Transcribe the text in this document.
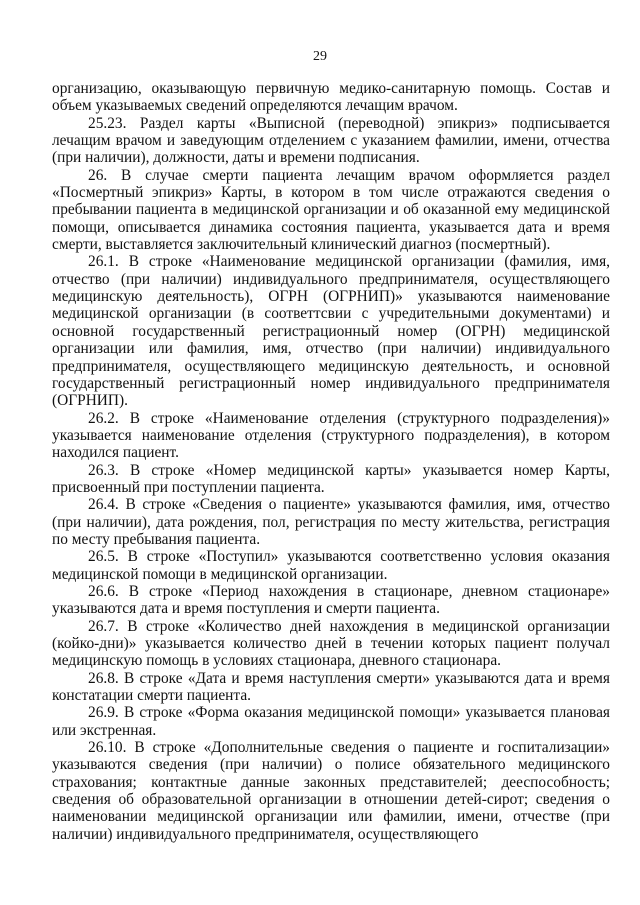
29

организацию, оказывающую первичную медико-санитарную помощь. Состав и объем указываемых сведений определяются лечащим врачом.

25.23. Раздел карты «Выписной (переводной) эпикриз» подписывается лечащим врачом и заведующим отделением с указанием фамилии, имени, отчества (при наличии), должности, даты и времени подписания.

26. В случае смерти пациента лечащим врачом оформляется раздел «Посмертный эпикриз» Карты, в котором в том числе отражаются сведения о пребывании пациента в медицинской организации и об оказанной ему медицинской помощи, описывается динамика состояния пациента, указывается дата и время смерти, выставляется заключительный клинический диагноз (посмертный).

26.1. В строке «Наименование медицинской организации (фамилия, имя, отчество (при наличии) индивидуального предпринимателя, осуществляющего медицинскую деятельность), ОГРН (ОГРНИП)» указываются наименование медицинской организации (в соответтсвии с учредительными документами) и основной государственный регистрационный номер (ОГРН) медицинской организации или фамилия, имя, отчество (при наличии) индивидуального предпринимателя, осуществляющего медицинскую деятельность, и основной государственный регистрационный номер индивидуального предпринимателя (ОГРНИП).

26.2. В строке «Наименование отделения (структурного подразделения)» указывается наименование отделения (структурного подразделения), в котором находился пациент.

26.3. В строке «Номер медицинской карты» указывается номер Карты, присвоенный при поступлении пациента.

26.4. В строке «Сведения о пациенте» указываются фамилия, имя, отчество (при наличии), дата рождения, пол, регистрация по месту жительства, регистрация по месту пребывания пациента.

26.5. В строке «Поступил» указываются соответственно условия оказания медицинской помощи в медицинской организации.

26.6. В строке «Период нахождения в стационаре, дневном стационаре» указываются дата и время поступления и смерти пациента.

26.7. В строке «Количество дней нахождения в медицинской организации (койко-дни)» указывается количество дней в течении которых пациент получал медицинскую помощь в условиях стационара, дневного стационара.

26.8. В строке «Дата и время наступления смерти» указываются дата и время констатации смерти пациента.

26.9. В строке «Форма оказания медицинской помощи» указывается плановая или экстренная.

26.10. В строке «Дополнительные сведения о пациенте и госпитализации» указываются сведения (при наличии) о полисе обязательного медицинского страхования; контактные данные законных представителей; дееспособность; сведения об образовательной организации в отношении детей-сирот; сведения о наименовании медицинской организации или фамилии, имени, отчестве (при наличии) индивидуального предпринимателя, осуществляющего
